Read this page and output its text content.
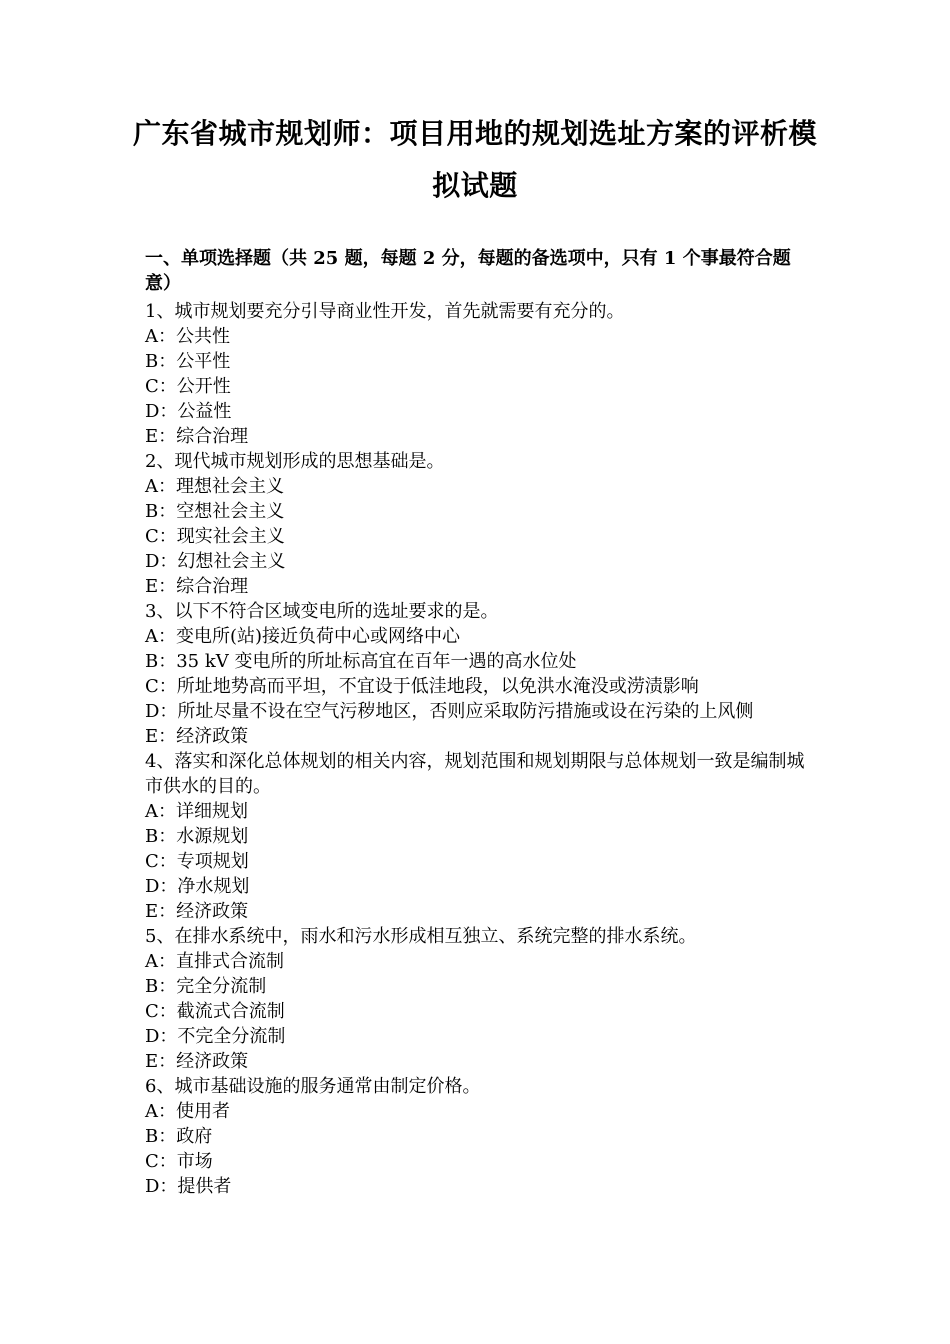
广东省城市规划师：项目用地的规划选址方案的评析模拟试题
一、单项选择题（共 25 题，每题 2 分，每题的备选项中，只有 1 个事最符合题意）
1、城市规划要充分引导商业性开发，首先就需要有充分的。
A：公共性
B：公平性
C：公开性
D：公益性
E：综合治理
2、现代城市规划形成的思想基础是。
A：理想社会主义
B：空想社会主义
C：现实社会主义
D：幻想社会主义
E：综合治理
3、以下不符合区域变电所的选址要求的是。
A：变电所(站)接近负荷中心或网络中心
B：35 kV 变电所的所址标高宜在百年一遇的高水位处
C：所址地势高而平坦，不宜设于低洼地段，以免洪水淹没或涝渍影响
D：所址尽量不设在空气污秽地区，否则应采取防污措施或设在污染的上风侧
E：经济政策
4、落实和深化总体规划的相关内容，规划范围和规划期限与总体规划一致是编制城市供水的目的。
A：详细规划
B：水源规划
C：专项规划
D：净水规划
E：经济政策
5、在排水系统中，雨水和污水形成相互独立、系统完整的排水系统。
A：直排式合流制
B：完全分流制
C：截流式合流制
D：不完全分流制
E：经济政策
6、城市基础设施的服务通常由制定价格。
A：使用者
B：政府
C：市场
D：提供者
